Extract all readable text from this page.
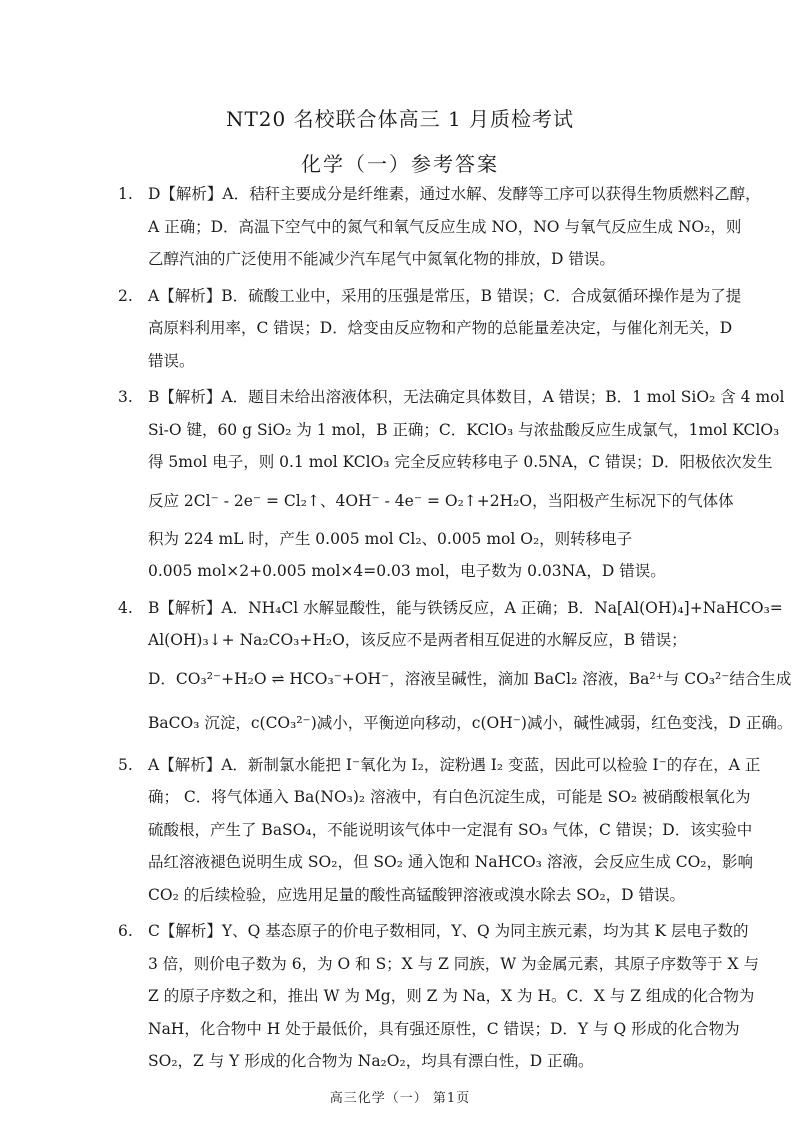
NT20 名校联合体高三 1 月质检考试
化学（一）参考答案
1. D【解析】A．秸秆主要成分是纤维素，通过水解、发酵等工序可以获得生物质燃料乙醇，
A 正确；D．高温下空气中的氮气和氧气反应生成 NO，NO 与氧气反应生成 NO₂，则
乙醇汽油的广泛使用不能减少汽车尾气中氮氧化物的排放，D 错误。
2. A【解析】B．硫酸工业中，采用的压强是常压，B 错误；C．合成氨循环操作是为了提
高原料利用率，C 错误；D．焓变由反应物和产物的总能量差决定，与催化剂无关，D
错误。
3. B【解析】A．题目未给出溶液体积，无法确定具体数目，A 错误；B．1 mol SiO₂ 含 4 mol
Si-O 键，60 g SiO₂ 为 1 mol，B 正确；C．KClO₃ 与浓盐酸反应生成氯气，1mol KClO₃
得 5mol 电子，则 0.1 mol KClO₃ 完全反应转移电子 0.5NA，C 错误；D．阳极依次发生
反应 2Cl⁻ - 2e⁻ = Cl₂↑、4OH⁻ - 4e⁻ = O₂↑+2H₂O，当阳极产生标况下的气体体
积为 224 mL 时，产生 0.005 mol Cl₂、0.005 mol O₂，则转移电子
0.005 mol×2+0.005 mol×4=0.03 mol，电子数为 0.03NA，D 错误。
4. B【解析】A．NH₄Cl 水解显酸性，能与铁锈反应，A 正确；B．Na[Al(OH)₄]+NaHCO₃=
Al(OH)₃↓+ Na₂CO₃+H₂O，该反应不是两者相互促进的水解反应，B 错误；
D．CO₃²⁻+H₂O ⇌ HCO₃⁻+OH⁻，溶液呈碱性，滴加 BaCl₂ 溶液，Ba²⁺与 CO₃²⁻结合生成
BaCO₃ 沉淀，c(CO₃²⁻)减小，平衡逆向移动，c(OH⁻)减小，碱性减弱，红色变浅，D 正确。
5. A【解析】A．新制氯水能把 I⁻氧化为 I₂，淀粉遇 I₂ 变蓝，因此可以检验 I⁻的存在，A 正
确； C．将气体通入 Ba(NO₃)₂ 溶液中，有白色沉淀生成，可能是 SO₂ 被硝酸根氧化为
硫酸根，产生了 BaSO₄，不能说明该气体中一定混有 SO₃ 气体，C 错误；D．该实验中
品红溶液褪色说明生成 SO₂，但 SO₂ 通入饱和 NaHCO₃ 溶液，会反应生成 CO₂，影响
CO₂ 的后续检验，应选用足量的酸性高锰酸钾溶液或溴水除去 SO₂，D 错误。
6. C【解析】Y、Q 基态原子的价电子数相同，Y、Q 为同主族元素，均为其 K 层电子数的
3 倍，则价电子数为 6，为 O 和 S；X 与 Z 同族，W 为金属元素，其原子序数等于 X 与
Z 的原子序数之和，推出 W 为 Mg，则 Z 为 Na，X 为 H。C．X 与 Z 组成的化合物为
NaH，化合物中 H 处于最低价，具有强还原性，C 错误；D．Y 与 Q 形成的化合物为
SO₂，Z 与 Y 形成的化合物为 Na₂O₂，均具有漂白性，D 正确。
高三化学（一） 第1页
